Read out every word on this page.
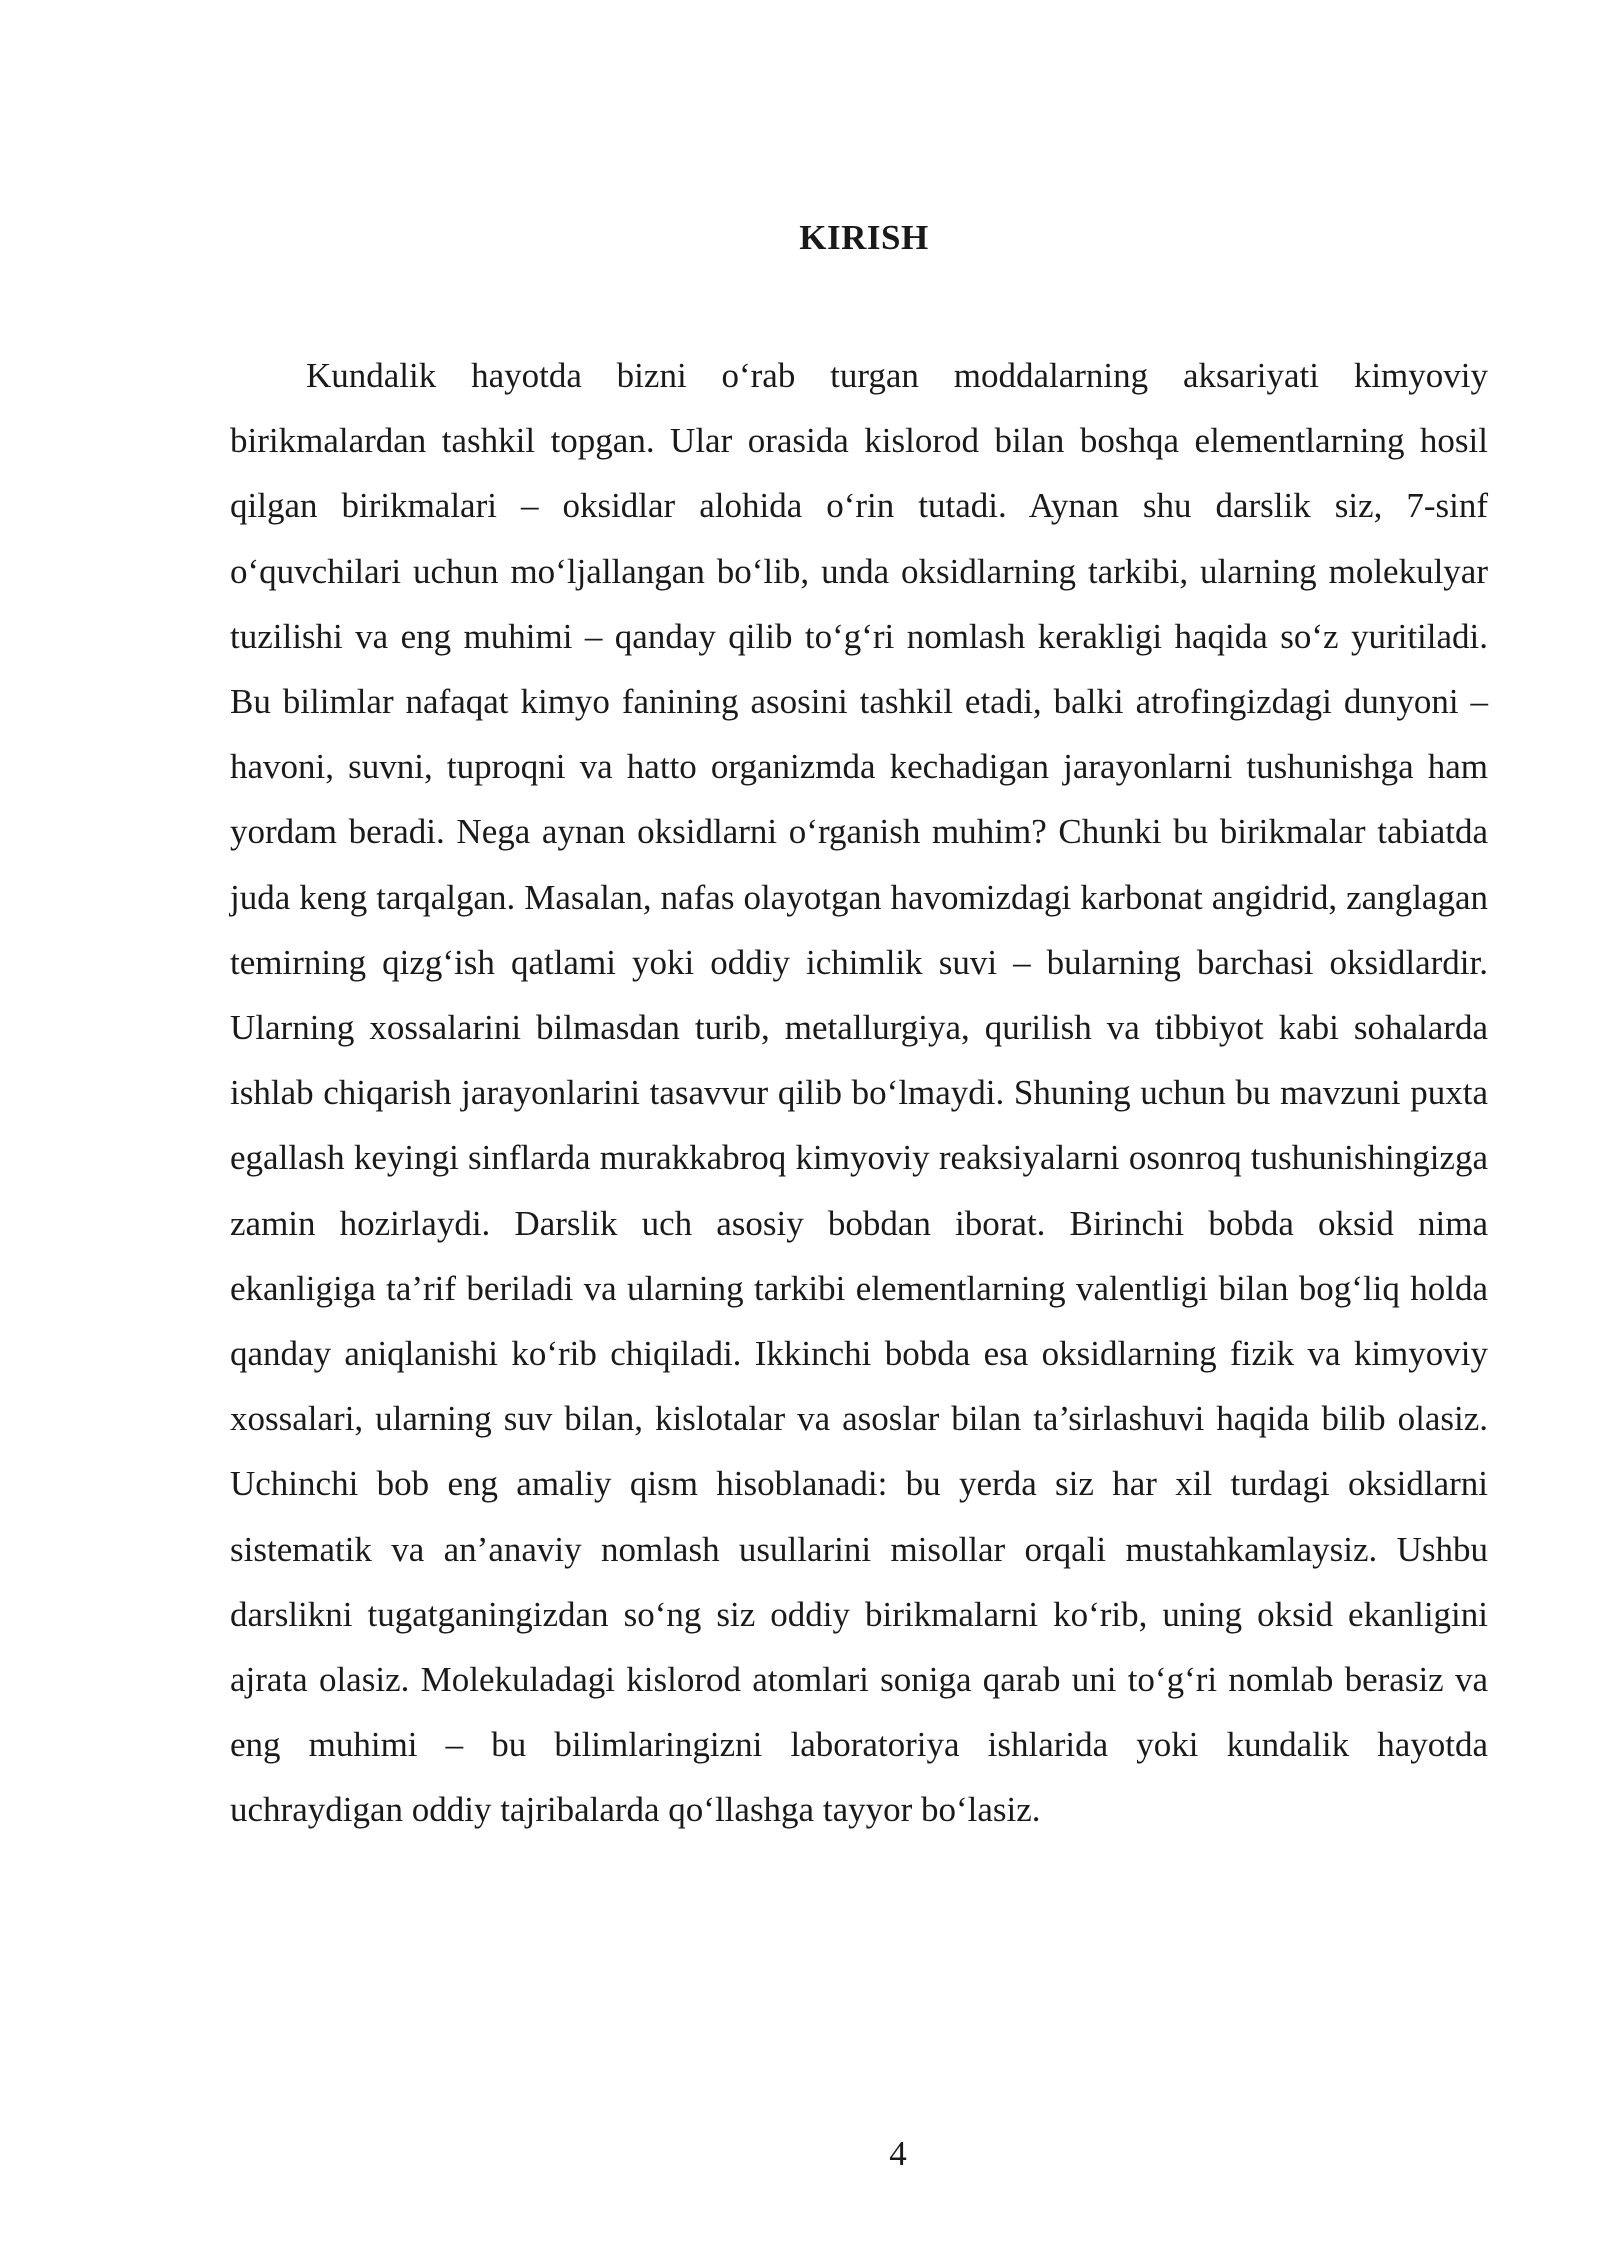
KIRISH

Kundalik hayotda bizni o‘rab turgan moddalarning aksariyati kimyoviy birikmalardan tashkil topgan. Ular orasida kislorod bilan boshqa elementlarning hosil qilgan birikmalari – oksidlar alohida o‘rin tutadi. Aynan shu darslik siz, 7-sinf o‘quvchilari uchun mo‘ljallangan bo‘lib, unda oksidlarning tarkibi, ularning molekulyar tuzilishi va eng muhimi – qanday qilib to‘g‘ri nomlash kerakligi haqida so‘z yuritiladi. Bu bilimlar nafaqat kimyo fanining asosini tashkil etadi, balki atrofingizdagi dunyoni – havoni, suvni, tuproqni va hatto organizmda kechadigan jarayonlarni tushunishga ham yordam beradi. Nega aynan oksidlarni o‘rganish muhim? Chunki bu birikmalar tabiatda juda keng tarqalgan. Masalan, nafas olayotgan havomizdagi karbonat angidrid, zanglagan temirning qizg‘ish qatlami yoki oddiy ichimlik suvi – bularning barchasi oksidlardir. Ularning xossalarini bilmasdan turib, metallurgiya, qurilish va tibbiyot kabi sohalarda ishlab chiqarish jarayonlarini tasavvur qilib bo‘lmaydi. Shuning uchun bu mavzuni puxta egallash keyingi sinflarda murakkabroq kimyoviy reaksiyalarni osonroq tushunishingizga zamin hozirlaydi. Darslik uch asosiy bobdan iborat. Birinchi bobda oksid nima ekanligiga ta’rif beriladi va ularning tarkibi elementlarning valentligi bilan bog‘liq holda qanday aniqlanishi ko‘rib chiqiladi. Ikkinchi bobda esa oksidlarning fizik va kimyoviy xossalari, ularning suv bilan, kislotalar va asoslar bilan ta’sirlashuvi haqida bilib olasiz. Uchinchi bob eng amaliy qism hisoblanadi: bu yerda siz har xil turdagi oksidlarni sistematik va an’anaviy nomlash usullarini misollar orqali mustahkamlaysiz. Ushbu darslikni tugatganingizdan so‘ng siz oddiy birikmalarni ko‘rib, uning oksid ekanligini ajrata olasiz. Molekuladagi kislorod atomlari soniga qarab uni to‘g‘ri nomlab berasiz va eng muhimi – bu bilimlaringizni laboratoriya ishlarida yoki kundalik hayotda uchraydigan oddiy tajribalarda qo‘llashga tayyor bo‘lasiz.

4
